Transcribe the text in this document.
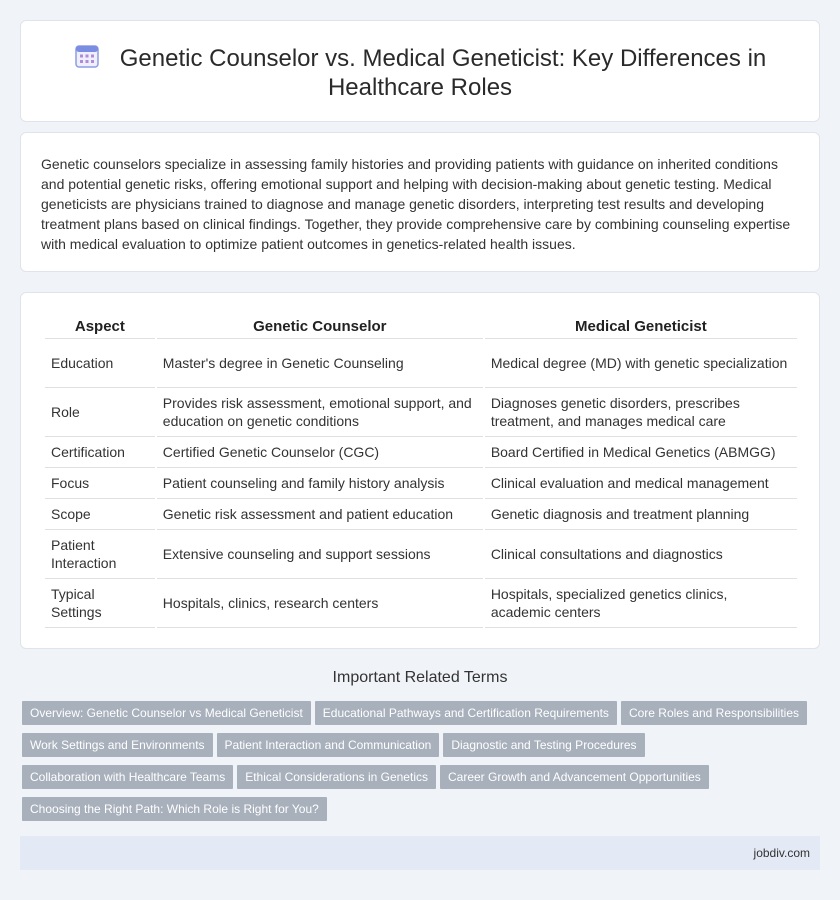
Genetic Counselor vs. Medical Geneticist: Key Differences in Healthcare Roles

Genetic counselors specialize in assessing family histories and providing patients with guidance on inherited conditions and potential genetic risks, offering emotional support and helping with decision-making about genetic testing. Medical geneticists are physicians trained to diagnose and manage genetic disorders, interpreting test results and developing treatment plans based on clinical findings. Together, they provide comprehensive care by combining counseling expertise with medical evaluation to optimize patient outcomes in genetics-related health issues.

Aspect	Genetic Counselor	Medical Geneticist
Education	Master's degree in Genetic Counseling	Medical degree (MD) with genetic specialization
Role	Provides risk assessment, emotional support, and education on genetic conditions	Diagnoses genetic disorders, prescribes treatment, and manages medical care
Certification	Certified Genetic Counselor (CGC)	Board Certified in Medical Genetics (ABMGG)
Focus	Patient counseling and family history analysis	Clinical evaluation and medical management
Scope	Genetic risk assessment and patient education	Genetic diagnosis and treatment planning
Patient Interaction	Extensive counseling and support sessions	Clinical consultations and diagnostics
Typical Settings	Hospitals, clinics, research centers	Hospitals, specialized genetics clinics, academic centers
Important Related Terms
Overview: Genetic Counselor vs Medical Geneticist Educational Pathways and Certification Requirements Core Roles and Responsibilities
Work Settings and Environments Patient Interaction and Communication Diagnostic and Testing Procedures
Collaboration with Healthcare Teams Ethical Considerations in Genetics Career Growth and Advancement Opportunities
Choosing the Right Path: Which Role is Right for You?
jobdiv.com
